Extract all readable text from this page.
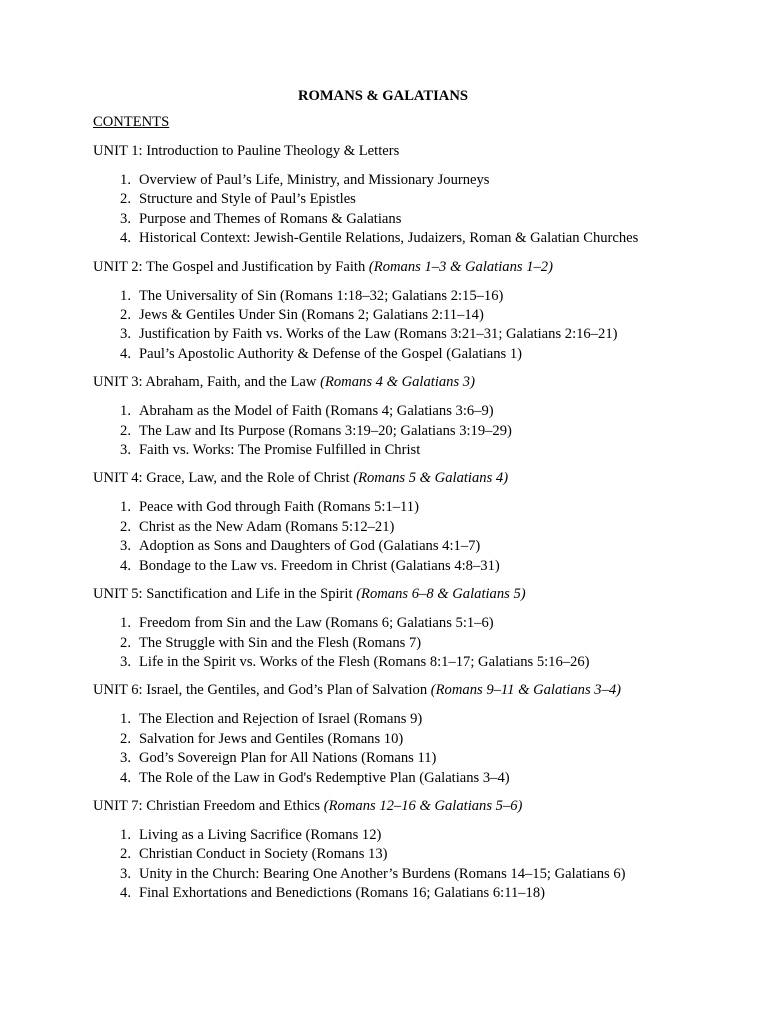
ROMANS & GALATIANS
CONTENTS
UNIT 1: Introduction to Pauline Theology & Letters
1. Overview of Paul’s Life, Ministry, and Missionary Journeys
2. Structure and Style of Paul’s Epistles
3. Purpose and Themes of Romans & Galatians
4. Historical Context: Jewish-Gentile Relations, Judaizers, Roman & Galatian Churches
UNIT 2: The Gospel and Justification by Faith (Romans 1–3 & Galatians 1–2)
1. The Universality of Sin (Romans 1:18–32; Galatians 2:15–16)
2. Jews & Gentiles Under Sin (Romans 2; Galatians 2:11–14)
3. Justification by Faith vs. Works of the Law (Romans 3:21–31; Galatians 2:16–21)
4. Paul’s Apostolic Authority & Defense of the Gospel (Galatians 1)
UNIT 3: Abraham, Faith, and the Law (Romans 4 & Galatians 3)
1. Abraham as the Model of Faith (Romans 4; Galatians 3:6–9)
2. The Law and Its Purpose (Romans 3:19–20; Galatians 3:19–29)
3. Faith vs. Works: The Promise Fulfilled in Christ
UNIT 4: Grace, Law, and the Role of Christ (Romans 5 & Galatians 4)
1. Peace with God through Faith (Romans 5:1–11)
2. Christ as the New Adam (Romans 5:12–21)
3. Adoption as Sons and Daughters of God (Galatians 4:1–7)
4. Bondage to the Law vs. Freedom in Christ (Galatians 4:8–31)
UNIT 5: Sanctification and Life in the Spirit (Romans 6–8 & Galatians 5)
1. Freedom from Sin and the Law (Romans 6; Galatians 5:1–6)
2. The Struggle with Sin and the Flesh (Romans 7)
3. Life in the Spirit vs. Works of the Flesh (Romans 8:1–17; Galatians 5:16–26)
UNIT 6: Israel, the Gentiles, and God’s Plan of Salvation (Romans 9–11 & Galatians 3–4)
1. The Election and Rejection of Israel (Romans 9)
2. Salvation for Jews and Gentiles (Romans 10)
3. God’s Sovereign Plan for All Nations (Romans 11)
4. The Role of the Law in God's Redemptive Plan (Galatians 3–4)
UNIT 7: Christian Freedom and Ethics (Romans 12–16 & Galatians 5–6)
1. Living as a Living Sacrifice (Romans 12)
2. Christian Conduct in Society (Romans 13)
3. Unity in the Church: Bearing One Another’s Burdens (Romans 14–15; Galatians 6)
4. Final Exhortations and Benedictions (Romans 16; Galatians 6:11–18)
